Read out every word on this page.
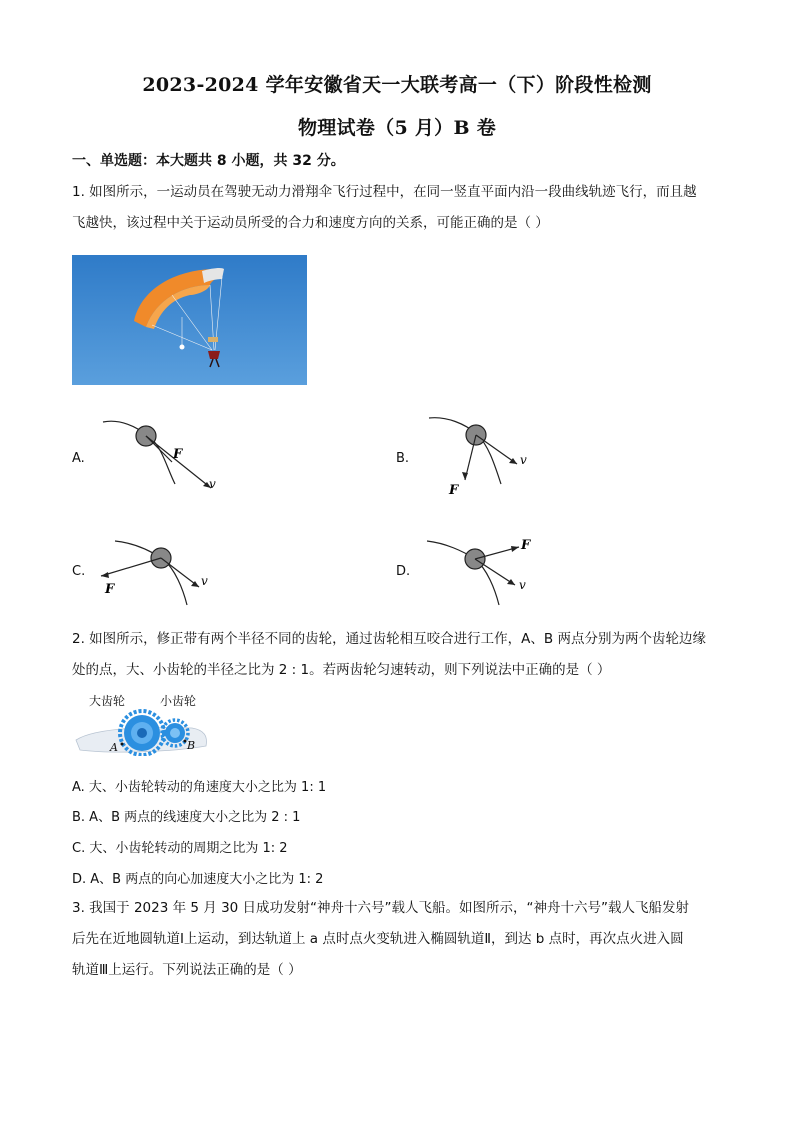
2023-2024 学年安徽省天一大联考高一（下）阶段性检测
物理试卷（5 月）B 卷
一、单选题：本大题共 8 小题，共 32 分。
1. 如图所示，一运动员在驾驶无动力滑翔伞飞行过程中，在同一竖直平面内沿一段曲线轨迹飞行，而且越
飞越快，该过程中关于运动员所受的合力和速度方向的关系，可能正确的是（ ）
A.	F
v
B.
F
v
C.
F
v
D.
F
v
2. 如图所示，修正带有两个半径不同的齿轮，通过齿轮相互咬合进行工作，A、B 两点分别为两个齿轮边缘
处的点，大、小齿轮的半径之比为 2 : 1。若两齿轮匀速转动，则下列说法中正确的是（ ）
大齿轮	小齿轮
A	B
A. 大、小齿轮转动的角速度大小之比为 1: 1
B. A、B 两点的线速度大小之比为 2 : 1
C. 大、小齿轮转动的周期之比为 1: 2
D. A、B 两点的向心加速度大小之比为 1: 2
3. 我国于 2023 年 5 月 30 日成功发射“神舟十六号”载人飞船。如图所示，“神舟十六号”载人飞船发射
后先在近地圆轨道Ⅰ上运动，到达轨道上 a 点时点火变轨进入椭圆轨道Ⅱ，到达 b 点时，再次点火进入圆
轨道Ⅲ上运行。下列说法正确的是（ ）
